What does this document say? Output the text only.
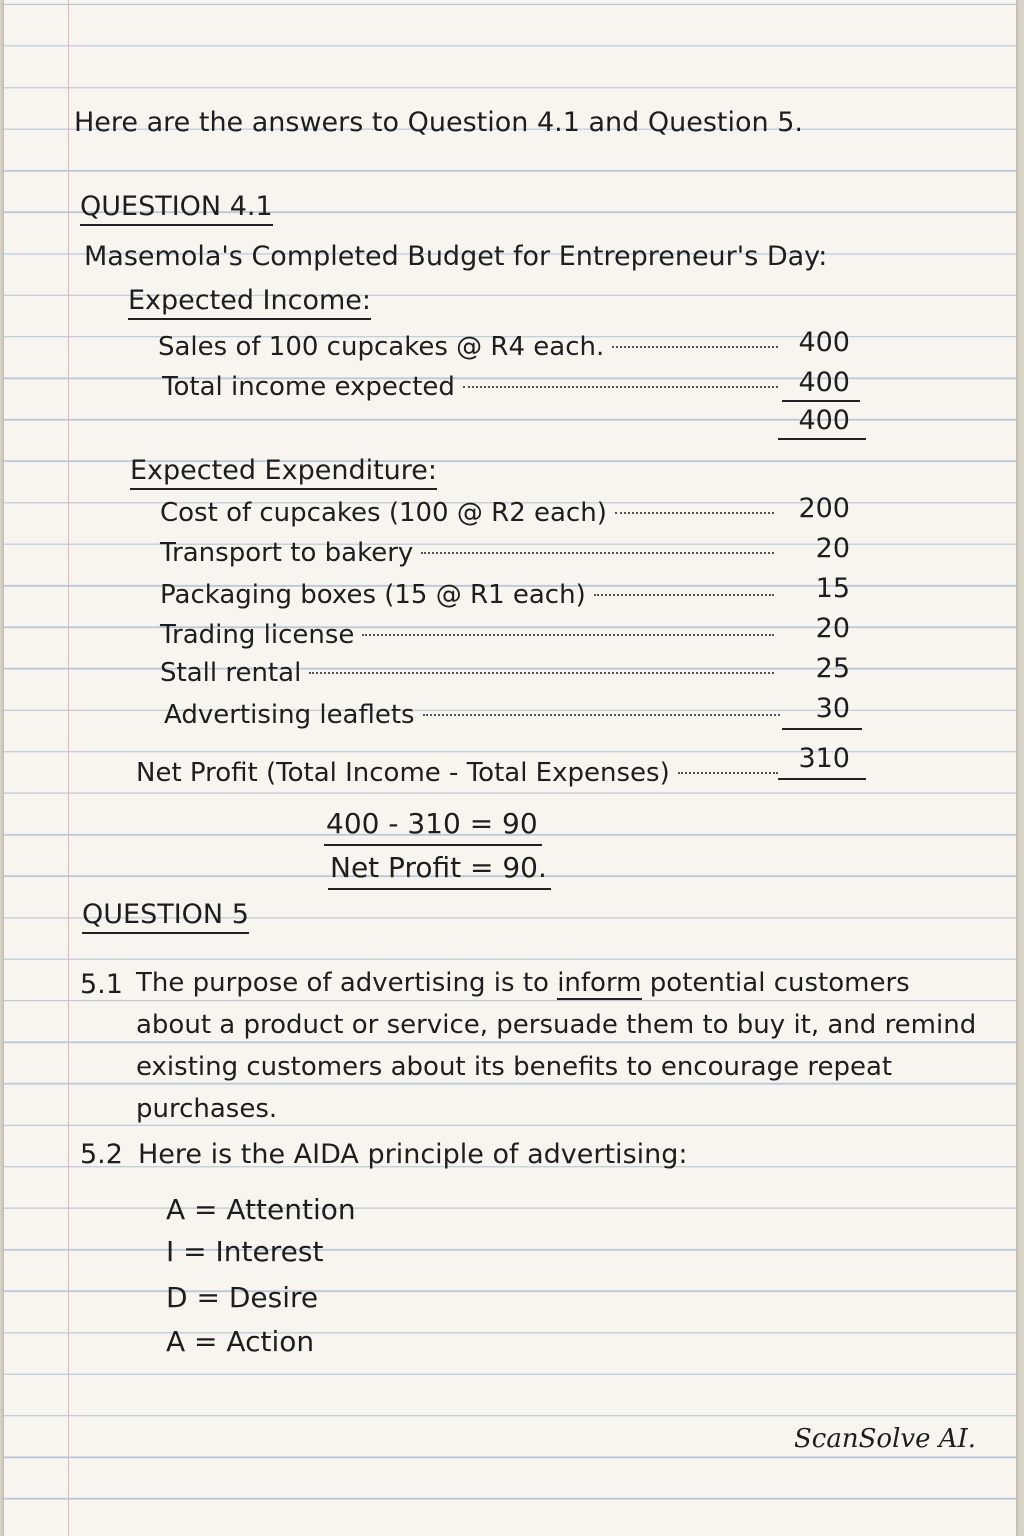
Here are the answers to Question 4.1 and Question 5.
QUESTION 4.1
Masemola's Completed Budget for Entrepreneur's Day:
Expected Income:
Sales of 100 cupcakes @ R4 each.	400
Total income expected	400
400
Expected Expenditure:
Cost of cupcakes (100 @ R2 each)	200
Transport to bakery	20
Packaging boxes (15 @ R1 each)	15
Trading license	20
Stall rental	25
Advertising leaflets	30
Net Profit (Total Income - Total Expenses)	310
400 - 310 = 90
Net Profit = 90.
QUESTION 5
5.1 The purpose of advertising is to inform potential customers about a product or service, persuade them to buy it, and remind existing customers about its benefits to encourage repeat purchases.
5.2 Here is the AIDA principle of advertising:
A = Attention
I = Interest
D = Desire
A = Action
ScanSolve AI.
